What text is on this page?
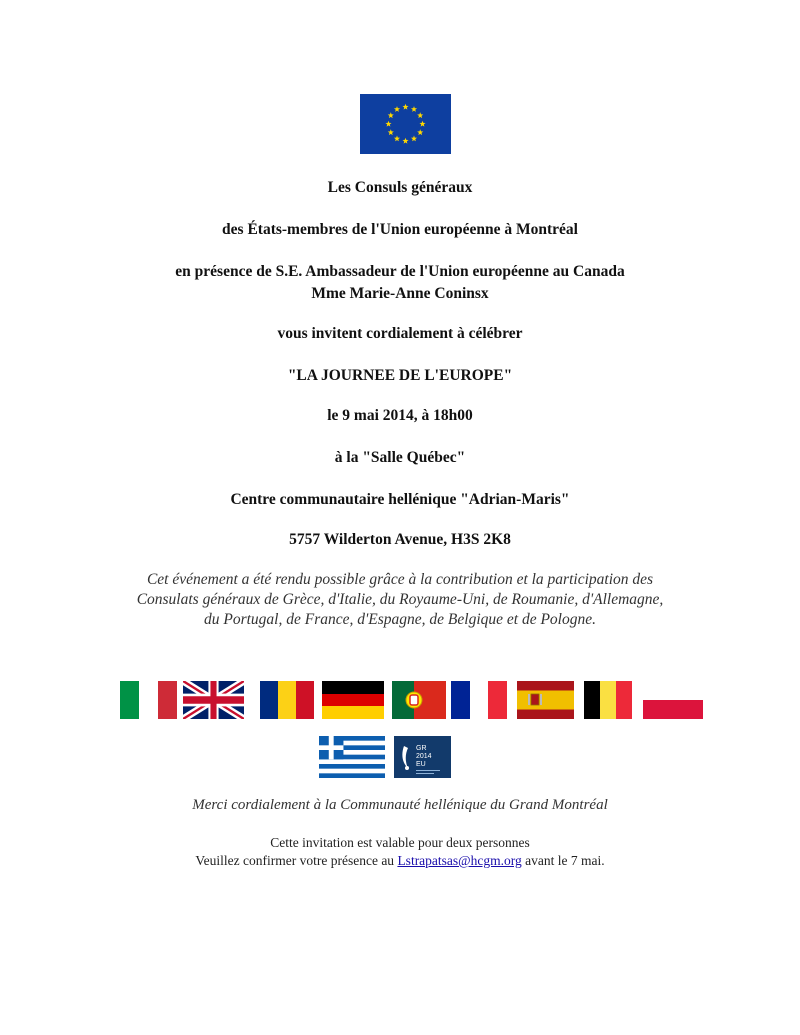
Les Consuls généraux
des États-membres de l'Union européenne à Montréal
en présence de S.E. Ambassadeur de l'Union européenne au Canada
Mme Marie-Anne Coninsx
vous invitent cordialement à célébrer
"LA JOURNEE DE L'EUROPE"
le 9 mai 2014, à 18h00
à la "Salle Québec"
Centre communautaire hellénique "Adrian-Maris"
5757 Wilderton Avenue, H3S 2K8
Cet événement a été rendu possible grâce à la contribution et la participation des
Consulats généraux de Grèce, d'Italie, du Royaume-Uni, de Roumanie, d'Allemagne,
du Portugal, de France, d'Espagne, de Belgique et de Pologne.
GR
2014
EU
Merci cordialement à la Communauté hellénique du Grand Montréal
Cette invitation est valable pour deux personnes
Veuillez confirmer votre présence au Lstrapatsas@hcgm.org avant le 7 mai.
